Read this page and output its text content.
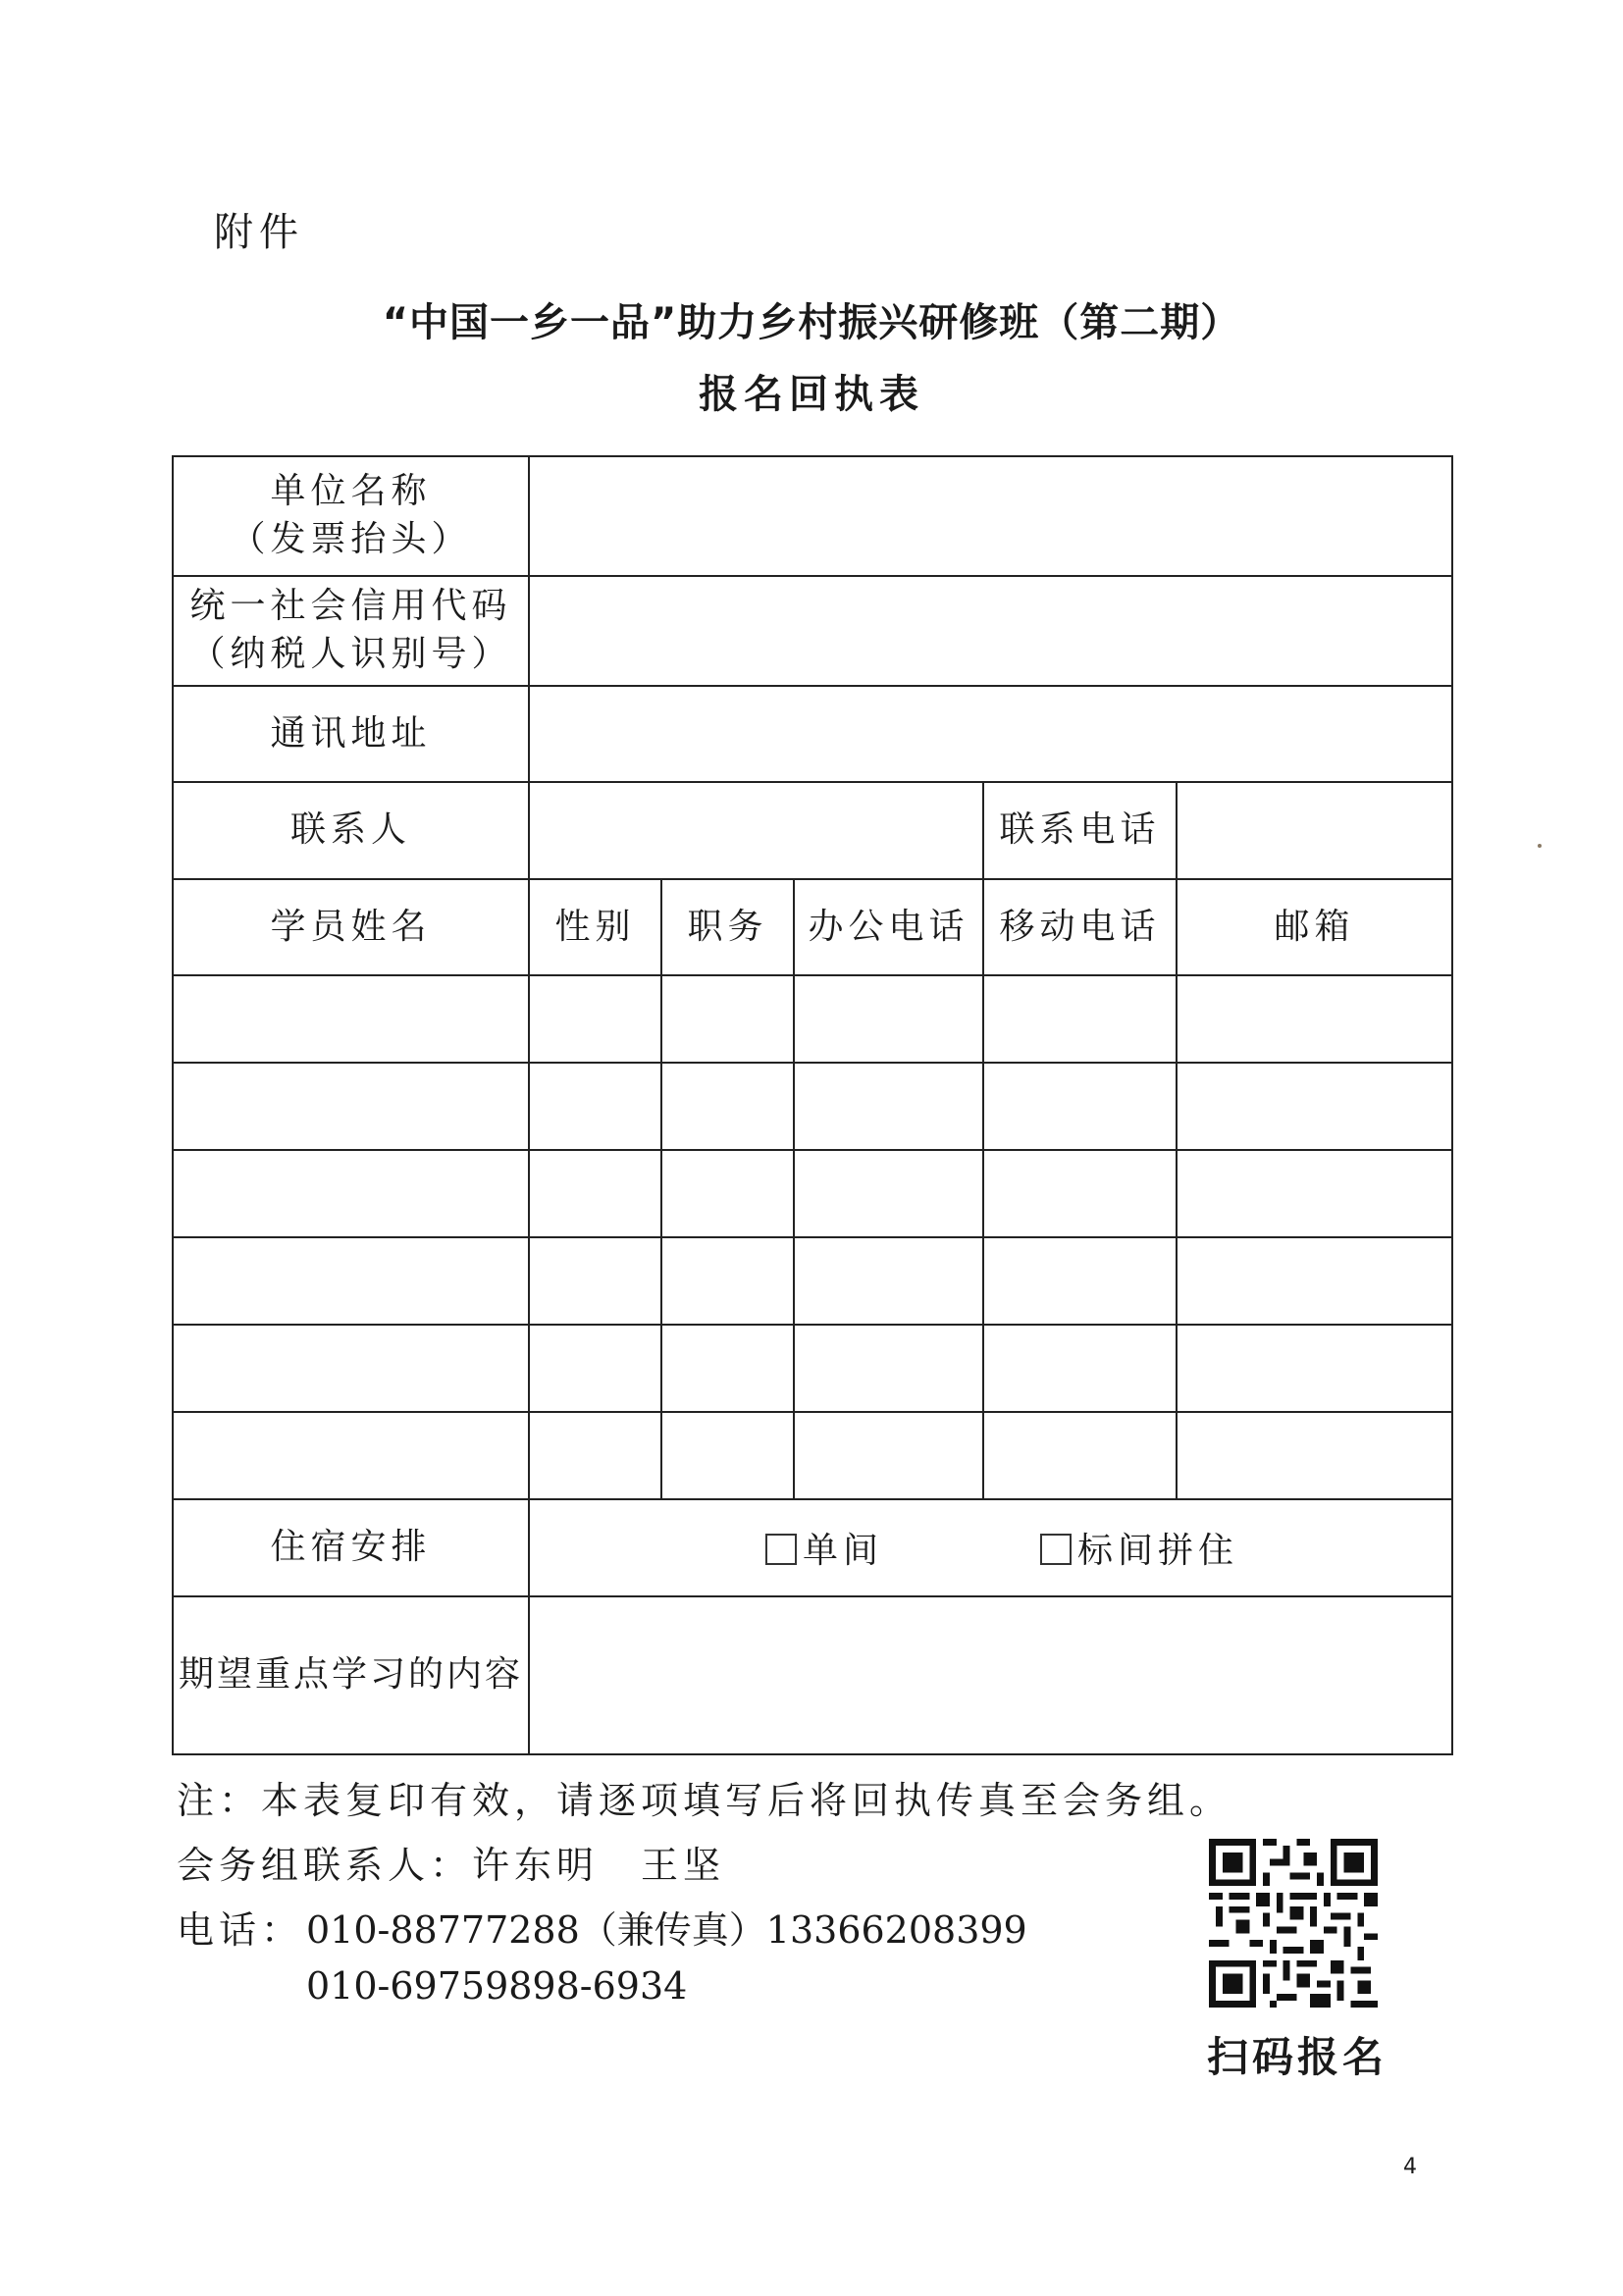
附件
“中国一乡一品”助力乡村振兴研修班（第二期）
报名回执表
单位名称
（发票抬头）					

统一社会信用代码
（纳税人识别号）					

通讯地址					
联系人				联系电话	
学员姓名	性别	职务	办公电话	移动电话	邮箱

住宿安排	单间 标间拼住				

期望重点学习的内容					
注：本表复印有效，请逐项填写后将回执传真至会务组。
会务组联系人：许东明　王坚
电话： 010-88777288（兼传真）13366208399
010-69759898-6934
扫码报名
4
